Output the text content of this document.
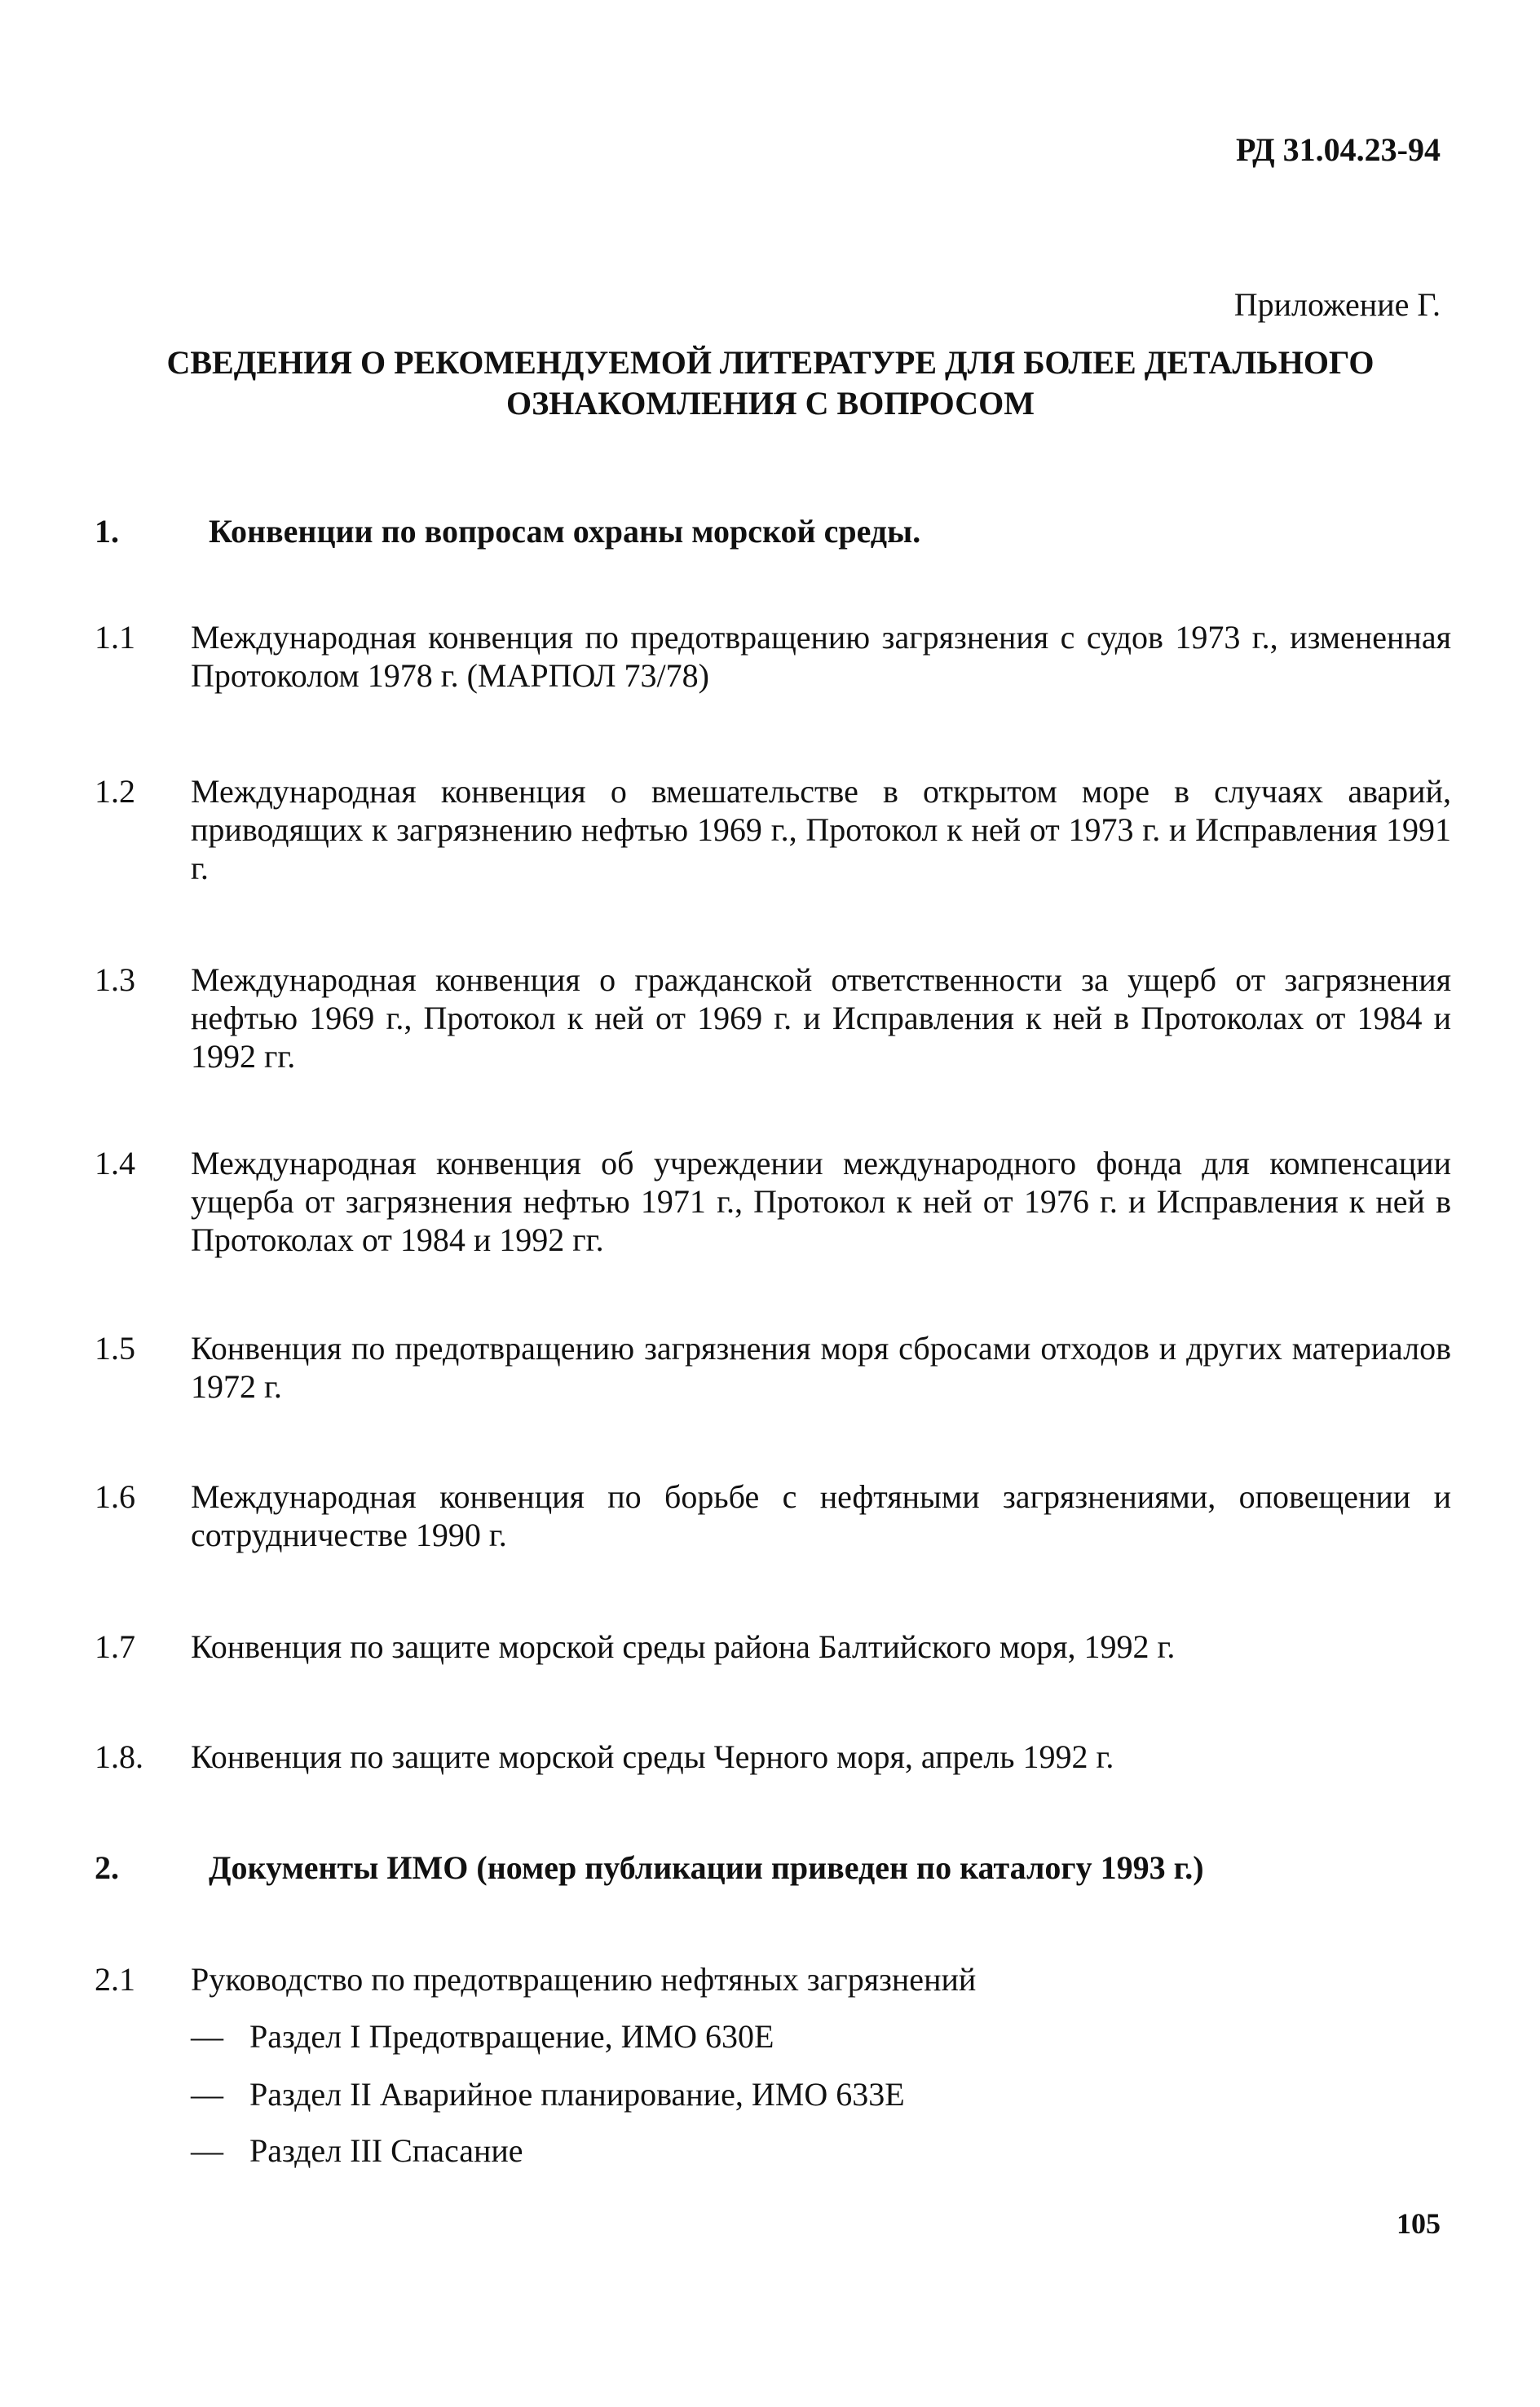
РД 31.04.23-94
Приложение Г.
СВЕДЕНИЯ О РЕКОМЕНДУЕМОЙ ЛИТЕРАТУРЕ ДЛЯ БОЛЕЕ ДЕТАЛЬНОГО
ОЗНАКОМЛЕНИЯ С ВОПРОСОМ
1.	Конвенции по вопросам охраны морской среды.
1.1 Международная конвенция по предотвращению загрязнения с судов 1973 г., измененная Протоколом 1978 г. (МАРПОЛ 73/78)
1.2 Международная конвенция о вмешательстве в открытом море в случаях аварий, приводящих к загрязнению нефтью 1969 г., Протокол к ней от 1973 г. и Исправления 1991 г.
1.3 Международная конвенция о гражданской ответственности за ущерб от загрязнения нефтью 1969 г., Протокол к ней от 1969 г. и Исправления к ней в Протоколах от 1984 и 1992 гг.
1.4 Международная конвенция об учреждении международного фонда для компенсации ущерба от загрязнения нефтью 1971 г., Протокол к ней от 1976 г. и Исправления к ней в Протоколах от 1984 и 1992 гг.
1.5 Конвенция по предотвращению загрязнения моря сбросами отходов и других материалов 1972 г.
1.6 Международная конвенция по борьбе с нефтяными загрязнениями, оповещении и сотрудничестве 1990 г.
1.7 Конвенция по защите морской среды района Балтийского моря, 1992 г.
1.8. Конвенция по защите морской среды Черного моря, апрель 1992 г.
2.	Документы ИМО (номер публикации приведен по каталогу 1993 г.)
2.1 Руководство по предотвращению нефтяных загрязнений
— Раздел I Предотвращение, ИМО 630Е
— Раздел II Аварийное планирование, ИМО 633Е
— Раздел III Спасание
105
